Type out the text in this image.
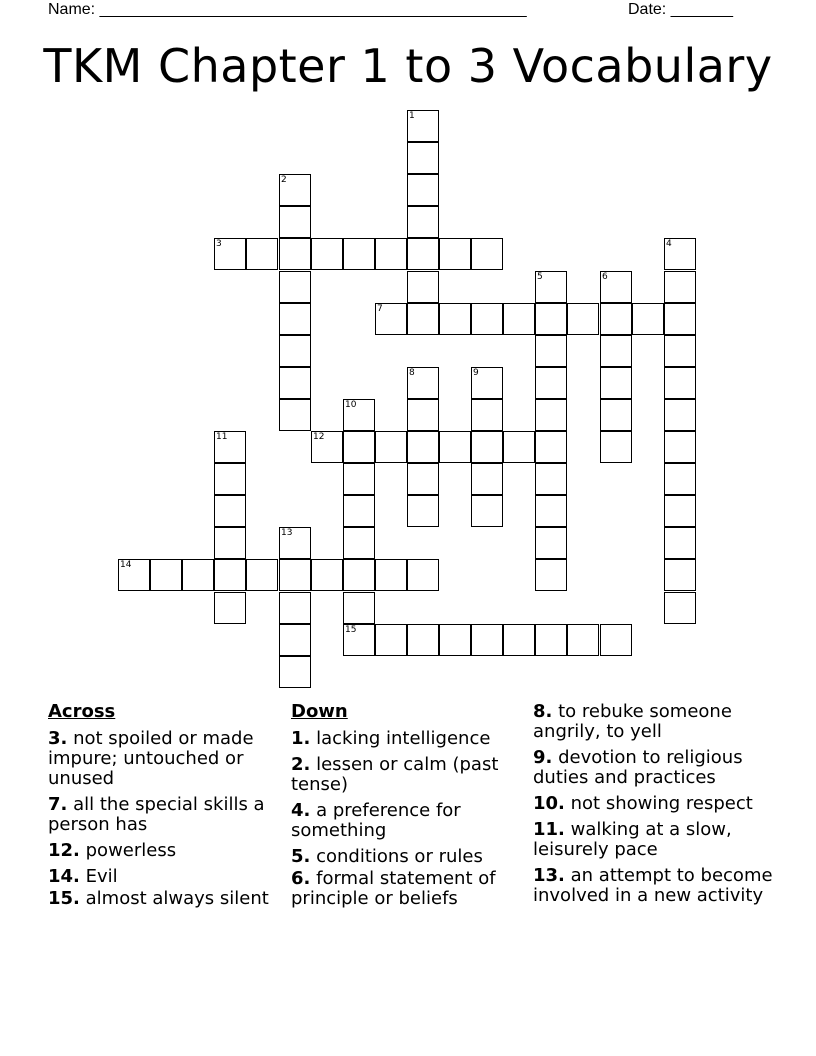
Name: ________________________________________________	Date: _______
TKM Chapter 1 to 3 Vocabulary
1
2
3	4
5	6
7
8	9
10
11	12
13
14
15
Across
3. not spoiled or made impure; untouched or unused
7. all the special skills a person has
12. powerless
14. Evil
15. almost always silent
Down
1. lacking intelligence
2. lessen or calm (past tense)
4. a preference for something
5. conditions or rules
6. formal statement of principle or beliefs
8. to rebuke someone angrily, to yell
9. devotion to religious duties and practices
10. not showing respect
11. walking at a slow, leisurely pace
13. an attempt to become involved in a new activity
